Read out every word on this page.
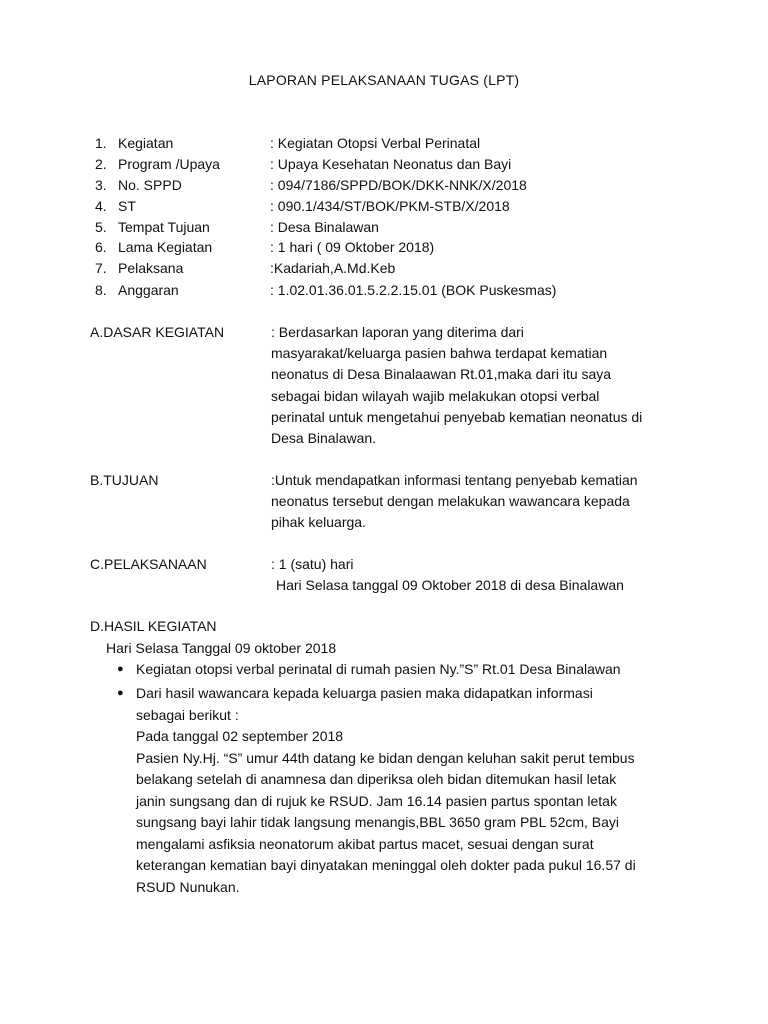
LAPORAN PELAKSANAAN TUGAS (LPT)
1. Kegiatan	: Kegiatan Otopsi Verbal Perinatal
2. Program /Upaya	: Upaya Kesehatan Neonatus dan Bayi
3. No. SPPD	: 094/7186/SPPD/BOK/DKK-NNK/X/2018
4. ST	: 090.1/434/ST/BOK/PKM-STB/X/2018
5. Tempat Tujuan	: Desa Binalawan
6. Lama Kegiatan	: 1 hari ( 09 Oktober 2018)
7. Pelaksana	:Kadariah,A.Md.Keb
8. Anggaran	: 1.02.01.36.01.5.2.2.15.01 (BOK Puskesmas)
A.DASAR KEGIATAN	: Berdasarkan laporan yang diterima dari
masyarakat/keluarga pasien bahwa terdapat kematian
neonatus di Desa Binalaawan Rt.01,maka dari itu saya
sebagai bidan wilayah wajib melakukan otopsi verbal
perinatal untuk mengetahui penyebab kematian neonatus di
Desa Binalawan.
B.TUJUAN	:Untuk mendapatkan informasi tentang penyebab kematian
neonatus tersebut dengan melakukan wawancara kepada
pihak keluarga.
C.PELAKSANAAN	: 1 (satu) hari
Hari Selasa tanggal 09 Oktober 2018 di desa Binalawan
D.HASIL KEGIATAN
Hari Selasa Tanggal 09 oktober 2018
● Kegiatan otopsi verbal perinatal di rumah pasien Ny.”S” Rt.01 Desa Binalawan
● Dari hasil wawancara kepada keluarga pasien maka didapatkan informasi
sebagai berikut :
Pada tanggal 02 september 2018
Pasien Ny.Hj. “S” umur 44th datang ke bidan dengan keluhan sakit perut tembus
belakang setelah di anamnesa dan diperiksa oleh bidan ditemukan hasil letak
janin sungsang dan di rujuk ke RSUD. Jam 16.14 pasien partus spontan letak
sungsang bayi lahir tidak langsung menangis,BBL 3650 gram PBL 52cm, Bayi
mengalami asfiksia neonatorum akibat partus macet, sesuai dengan surat
keterangan kematian bayi dinyatakan meninggal oleh dokter pada pukul 16.57 di
RSUD Nunukan.
